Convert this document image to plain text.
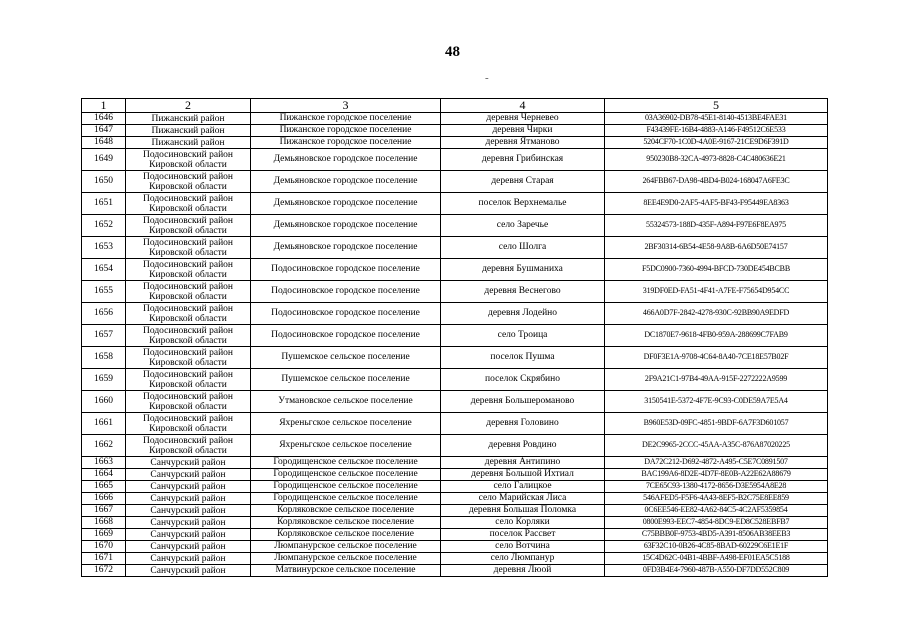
48
-
1	2	3	4	5
1646	Пижанский район	Пижанское городское поселение	деревня Черневео	03A36902-DB78-45E1-8140-4513BE4FAE31
1647	Пижанский район	Пижанское городское поселение	деревня Чирки	F43439FE-16B4-4883-A146-F49512C6E533
1648	Пижанский район	Пижанское городское поселение	деревня Ятманово	5204CF70-1C0D-4A0E-9167-21CE9D6F391D
1649	Подосиновский район Кировской области	Демьяновское городское поселение	деревня Грибинская	950230B8-32CA-4973-8828-C4C480636E21
1650	Подосиновский район Кировской области	Демьяновское городское поселение	деревня Старая	264FBB67-DA98-4BD4-B024-168047A6FE3C
1651	Подосиновский район Кировской области	Демьяновское городское поселение	поселок Верхнемалье	8EE4E9D0-2AF5-4AF5-BF43-F95449EA8363
1652	Подосиновский район Кировской области	Демьяновское городское поселение	село Заречье	55324573-188D-435F-A894-F97E6F8EA975
1653	Подосиновский район Кировской области	Демьяновское городское поселение	село Шолга	2BF30314-6B54-4E58-9A8B-6A6D50E74157
1654	Подосиновский район Кировской области	Подосиновское городское поселение	деревня Бушманиха	F5DC0900-7360-4994-BFCD-730DE454BCBB
1655	Подосиновский район Кировской области	Подосиновское городское поселение	деревня Веснегово	319DF0ED-FA51-4F41-A7FE-F75654D954CC
1656	Подосиновский район Кировской области	Подосиновское городское поселение	деревня Лодейно	466A0D7F-2842-4278-930C-92BB90A9EDFD
1657	Подосиновский район Кировской области	Подосиновское городское поселение	село Троица	DC1870E7-9618-4FB0-959A-288699C7FAB9
1658	Подосиновский район Кировской области	Пушемское сельское поселение	поселок Пушма	DF0F3E1A-9708-4C64-8A40-7CE18E57B02F
1659	Подосиновский район Кировской области	Пушемское сельское поселение	поселок Скрябино	2F9A21C1-97B4-49AA-915F-2272222A9599
1660	Подосиновский район Кировской области	Утмановское сельское поселение	деревня Большероманово	3150541E-5372-4F7E-9C93-C0DE59A7E5A4
1661	Подосиновский район Кировской области	Яхреньгское сельское поселение	деревня Головино	B960E53D-09FC-4851-9BDF-6A7F3D601057
1662	Подосиновский район Кировской области	Яхреньгское сельское поселение	деревня Ровдино	DE2C9965-2CCC-45AA-A35C-876A87020225
1663	Санчурский район	Городищенское сельское поселение	деревня Антипино	DA72C212-D692-4872-A495-C5E7C0891507
1664	Санчурский район	Городищенское сельское поселение	деревня Большой Ихтиал	BAC199A6-8D2E-4D7F-8E0B-A22E62A88679
1665	Санчурский район	Городищенское сельское поселение	село Галицкое	7CE65C93-1380-4172-8656-D3E5954A8E28
1666	Санчурский район	Городищенское сельское поселение	село Марийская Лиса	546AFED5-F5F6-4A43-8EF5-B2C75E8EE859
1667	Санчурский район	Корляковское сельское поселение	деревня Большая Поломка	0C6EE546-EE82-4A62-84C5-4C2AF5359854
1668	Санчурский район	Корляковское сельское поселение	село Корляки	0800E993-EEC7-4854-8DC9-ED8C528EBFB7
1669	Санчурский район	Корляковское сельское поселение	поселок Рассвет	C75BBB0F-9753-4BD5-A391-8506AB38EEB3
1670	Санчурский район	Люмпанурское сельское поселение	село Вотчина	63F32C10-0B26-4C85-8BAD-60229C6E1E1F
1671	Санчурский район	Люмпанурское сельское поселение	село Люмпанур	15C4D62C-04B1-4BBF-A498-EF01EA5C5188
1672	Санчурский район	Матвинурское сельское поселение	деревня Люой	0FD3B4E4-7960-487B-A550-DF7DD552C809
